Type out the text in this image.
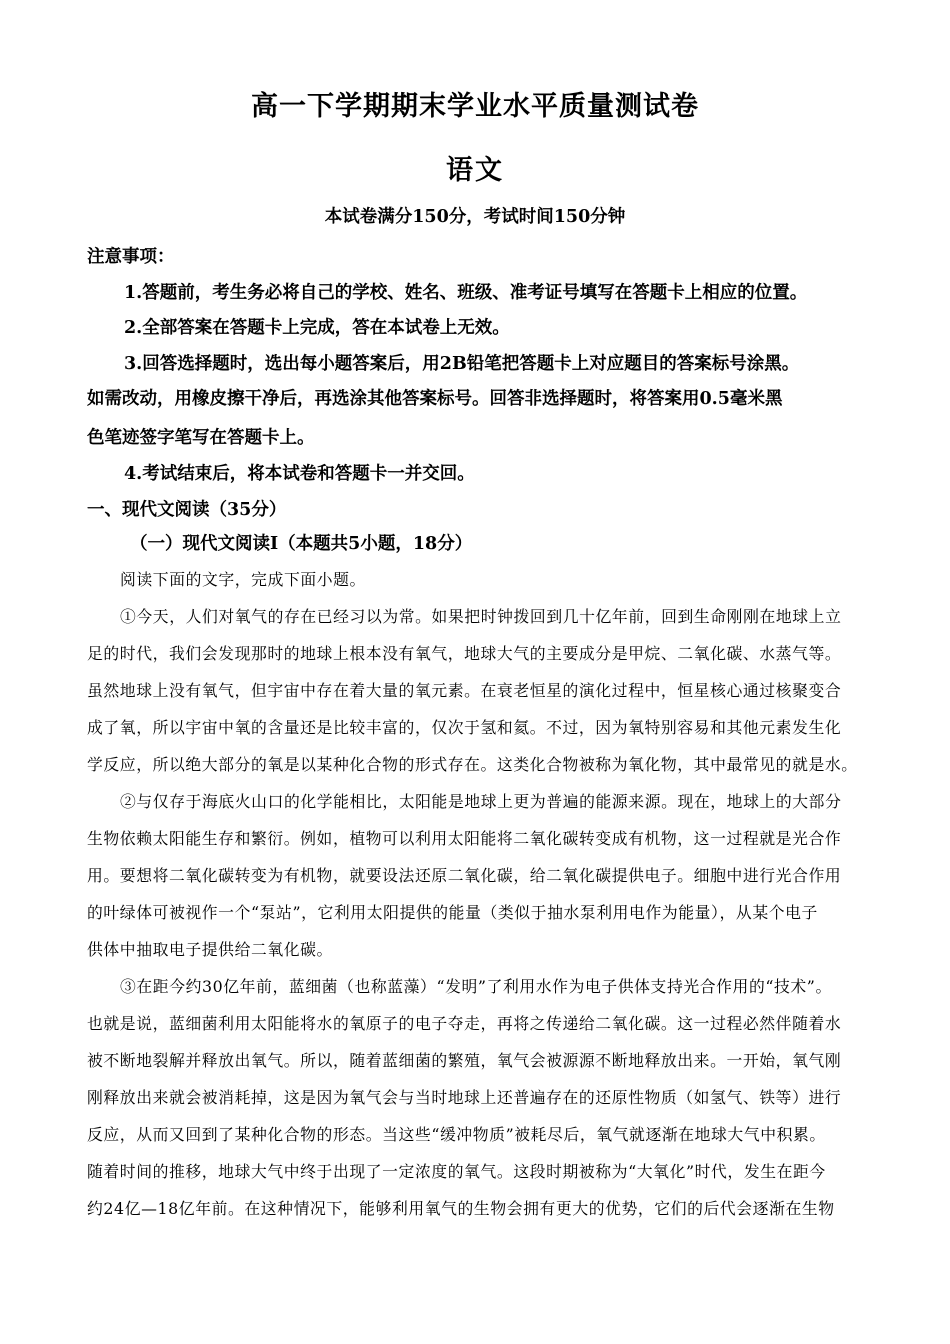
高一下学期期末学业水平质量测试卷
语文
本试卷满分150分，考试时间150分钟
注意事项：
1.答题前，考生务必将自己的学校、姓名、班级、准考证号填写在答题卡上相应的位置。
2.全部答案在答题卡上完成，答在本试卷上无效。
3.回答选择题时，选出每小题答案后，用2B铅笔把答题卡上对应题目的答案标号涂黑。
如需改动，用橡皮擦干净后，再选涂其他答案标号。回答非选择题时，将答案用0.5毫米黑
色笔迹签字笔写在答题卡上。
4.考试结束后，将本试卷和答题卡一并交回。
一、现代文阅读（35分）
（一）现代文阅读Ⅰ（本题共5小题，18分）
阅读下面的文字，完成下面小题。
①今天，人们对氧气的存在已经习以为常。如果把时钟拨回到几十亿年前，回到生命刚刚在地球上立
足的时代，我们会发现那时的地球上根本没有氧气，地球大气的主要成分是甲烷、二氧化碳、水蒸气等。
虽然地球上没有氧气，但宇宙中存在着大量的氧元素。在衰老恒星的演化过程中，恒星核心通过核聚变合
成了氧，所以宇宙中氧的含量还是比较丰富的，仅次于氢和氦。不过，因为氧特别容易和其他元素发生化
学反应，所以绝大部分的氧是以某种化合物的形式存在。这类化合物被称为氧化物，其中最常见的就是水。
②与仅存于海底火山口的化学能相比，太阳能是地球上更为普遍的能源来源。现在，地球上的大部分
生物依赖太阳能生存和繁衍。例如，植物可以利用太阳能将二氧化碳转变成有机物，这一过程就是光合作
用。要想将二氧化碳转变为有机物，就要设法还原二氧化碳，给二氧化碳提供电子。细胞中进行光合作用
的叶绿体可被视作一个“泵站”，它利用太阳提供的能量（类似于抽水泵利用电作为能量），从某个电子
供体中抽取电子提供给二氧化碳。
③在距今约30亿年前，蓝细菌（也称蓝藻）“发明”了利用水作为电子供体支持光合作用的“技术”。
也就是说，蓝细菌利用太阳能将水的氧原子的电子夺走，再将之传递给二氧化碳。这一过程必然伴随着水
被不断地裂解并释放出氧气。所以，随着蓝细菌的繁殖，氧气会被源源不断地释放出来。一开始，氧气刚
刚释放出来就会被消耗掉，这是因为氧气会与当时地球上还普遍存在的还原性物质（如氢气、铁等）进行
反应，从而又回到了某种化合物的形态。当这些“缓冲物质”被耗尽后，氧气就逐渐在地球大气中积累。
随着时间的推移，地球大气中终于出现了一定浓度的氧气。这段时期被称为“大氧化”时代，发生在距今
约24亿—18亿年前。在这种情况下，能够利用氧气的生物会拥有更大的优势，它们的后代会逐渐在生物
